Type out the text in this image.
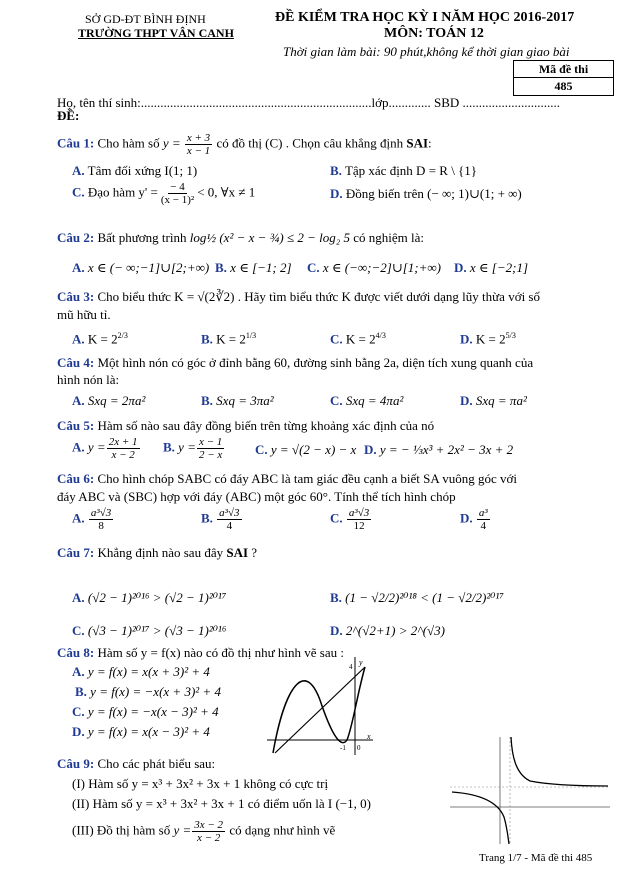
SỞ GD-ĐT BÌNH ĐỊNH
TRƯỜNG THPT VÂN CANH
ĐỀ KIỂM TRA HỌC KỲ I NĂM HỌC 2016-2017
MÔN: TOÁN 12
Thời gian làm bài: 90 phút,không kể thời gian giao bài
Mã đề thi
485
Họ, tên thí sinh:.......................................................................lớp............. SBD ..............................
ĐỀ:
Câu 1: Cho hàm số $y = \frac{x + 3}{x - 1}$ có đồ thị (C) . Chọn câu khẳng định SAI:
A. Tâm đối xứng I(1; 1)	B. Tập xác định D = R \ {1}
C. Đạo hàm $y' = \frac{- 4}{\text{(x − 1)²}} < 0$, ∀x ≠ 1	D. Đồng biến trên (− ∞; 1)∪(1; + ∞)
Câu 2: Bất phương trình log½ (x² − x − ¾) ≤ 2 − log₂ 5 có nghiệm là:
A. x ∈ (− ∞;−1]∪[2;+∞) B. x ∈ [−1; 2] C. x ∈ (−∞;−2]∪[1;+∞) D. x ∈ [−2;1]
Câu 3: Cho biểu thức K = √(2∛2) . Hãy tìm biểu thức K được viết dưới dạng lũy thừa với số
mũ hữu tỉ.
A. $K = 2^{2/3}$	B. $K = 2^{1/3}$	C. $K = 2^{4/3}$	D. $K = 2^{5/3}$
Câu 4: Một hình nón có góc ở đỉnh bằng 60, đường sinh bằng 2a, diện tích xung quanh của
hình nón là:
A. Sxq = 2πa²	B. Sxq = 3πa²	C. Sxq = 4πa²	D. Sxq = πa²
Câu 5: Hàm số nào sau đây đồng biến trên từng khoảng xác định của nó
A. $y = \frac{2x + 1}{x - 2} B$. $y = \frac{x - 1}{2 - x} C$. y = √(2 − x) − x D. y = − ⅓x³ + 2x² − 3x + 2
Câu 6: Cho hình chóp SABC có đáy ABC là tam giác đều cạnh a biết SA vuông góc với
đáy ABC và (SBC) hợp với đáy (ABC) một góc 60°. Tính thể tích hình chóp
A. $\frac{\text{a³√3}}{8}$	B. $\frac{\text{a³√3}}{4}$	C. $\frac{\text{a³√3}}{12}$	D. $\frac{\text{a³}}{4}$
Câu 7: Khẳng định nào sau đây SAI ?
A. (√2 − 1)²⁰¹⁶ > (√2 − 1)²⁰¹⁷	B. (1 − √2/2)²⁰¹⁸ < (1 − √2/2)²⁰¹⁷
C. (√3 − 1)²⁰¹⁷ > (√3 − 1)²⁰¹⁶	D. 2^(√2+1) > 2^(√3)
Câu 8: Hàm số y = f(x) nào có đồ thị như hình vẽ sau :
A. y = f(x) = x(x + 3)² + 4
B. y = f(x) = −x(x + 3)² + 4
C. y = f(x) = −x(x − 3)² + 4
D. y = f(x) = x(x − 3)² + 4
y
x
4
-1 0
Câu 9: Cho các phát biểu sau:
(I) Hàm số y = x³ + 3x² + 3x + 1 không có cực trị
(II) Hàm số y = x³ + 3x² + 3x + 1 có điểm uốn là I (−1, 0)
(III) Đồ thị hàm số $y = \frac{3x - 2}{x - 2}$ có dạng như hình vẽ
Trang 1/7 - Mã đề thi 485
